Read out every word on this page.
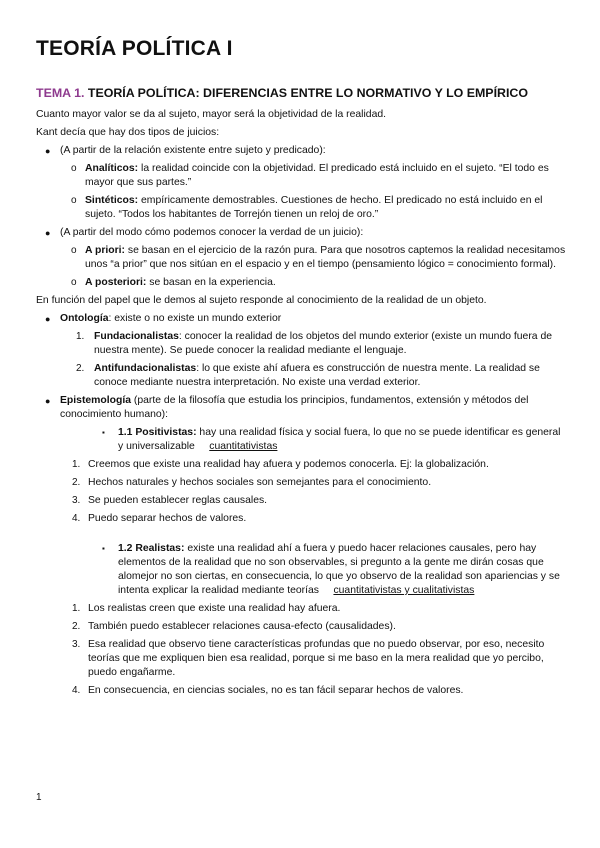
TEORÍA POLÍTICA I
TEMA 1. TEORÍA POLÍTICA: DIFERENCIAS ENTRE LO NORMATIVO Y LO EMPÍRICO

Cuanto mayor valor se da al sujeto, mayor será la objetividad de la realidad.

Kant decía que hay dos tipos de juicios:

● (A partir de la relación existente entre sujeto y predicado):
o Analíticos: la realidad coincide con la objetividad. El predicado está incluido en el sujeto. “El todo es mayor que sus partes.”
o Sintéticos: empíricamente demostrables. Cuestiones de hecho. El predicado no está incluido en el sujeto. “Todos los habitantes de Torrejón tienen un reloj de oro.”
● (A partir del modo cómo podemos conocer la verdad de un juicio):
o A priori: se basan en el ejercicio de la razón pura. Para que nosotros captemos la realidad necesitamos unos “a prior” que nos sitúan en el espacio y en el tiempo (pensamiento lógico = conocimiento formal).
o A posteriori: se basan en la experiencia.

En función del papel que le demos al sujeto responde al conocimiento de la realidad de un objeto.

● Ontología: existe o no existe un mundo exterior
1. Fundacionalistas: conocer la realidad de los objetos del mundo exterior (existe un mundo fuera de nuestra mente). Se puede conocer la realidad mediante el lenguaje.
2. Antifundacionalistas: lo que existe ahí afuera es construcción de nuestra mente. La realidad se conoce mediante nuestra interpretación. No existe una verdad exterior.
● Epistemología (parte de la filosofía que estudia los principios, fundamentos, extensión y métodos del conocimiento humano):
▪ 1.1 Positivistas: hay una realidad física y social fuera, lo que no se puede identificar es general y universalizable cuantitativistas
1. Creemos que existe una realidad hay afuera y podemos conocerla. Ej: la globalización.
2. Hechos naturales y hechos sociales son semejantes para el conocimiento.
3. Se pueden establecer reglas causales.
4. Puedo separar hechos de valores.
▪ 1.2 Realistas: existe una realidad ahí a fuera y puedo hacer relaciones causales, pero hay elementos de la realidad que no son observables, si pregunto a la gente me dirán cosas que alomejor no son ciertas, en consecuencia, lo que yo observo de la realidad son apariencias y se intenta explicar la realidad mediante teorías cuantitativistas y cualitativistas
1. Los realistas creen que existe una realidad hay afuera.
2. También puedo establecer relaciones causa-efecto (causalidades).
3. Esa realidad que observo tiene características profundas que no puedo observar, por eso, necesito teorías que me expliquen bien esa realidad, porque si me baso en la mera realidad que yo percibo, puedo engañarme.
4. En consecuencia, en ciencias sociales, no es tan fácil separar hechos de valores.
1
